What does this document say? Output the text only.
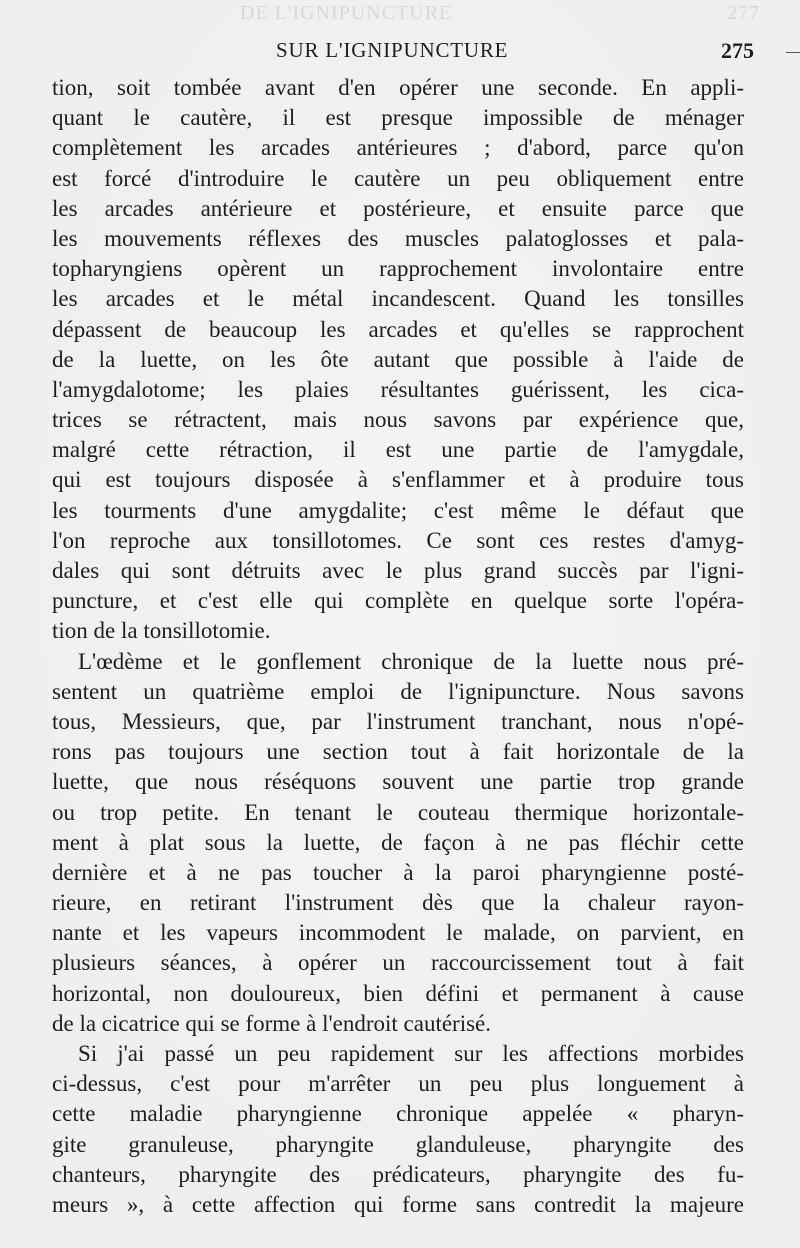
DE L'IGNIPUNCTURE	277
SUR L'IGNIPUNCTURE	275
tion, soit tombée avant d'en opérer une seconde. En appli-
quant le cautère, il est presque impossible de ménager
complètement les arcades antérieures ; d'abord, parce qu'on
est forcé d'introduire le cautère un peu obliquement entre
les arcades antérieure et postérieure, et ensuite parce que
les mouvements réflexes des muscles palatoglosses et pala-
topharyngiens opèrent un rapprochement involontaire entre
les arcades et le métal incandescent. Quand les tonsilles
dépassent de beaucoup les arcades et qu'elles se rapprochent
de la luette, on les ôte autant que possible à l'aide de
l'amygdalotome; les plaies résultantes guérissent, les cica-
trices se rétractent, mais nous savons par expérience que,
malgré cette rétraction, il est une partie de l'amygdale,
qui est toujours disposée à s'enflammer et à produire tous
les tourments d'une amygdalite; c'est même le défaut que
l'on reproche aux tonsillotomes. Ce sont ces restes d'amyg-
dales qui sont détruits avec le plus grand succès par l'igni-
puncture, et c'est elle qui complète en quelque sorte l'opéra-
tion de la tonsillotomie.
L'œdème et le gonflement chronique de la luette nous pré-
sentent un quatrième emploi de l'ignipuncture. Nous savons
tous, Messieurs, que, par l'instrument tranchant, nous n'opé-
rons pas toujours une section tout à fait horizontale de la
luette, que nous réséquons souvent une partie trop grande
ou trop petite. En tenant le couteau thermique horizontale-
ment à plat sous la luette, de façon à ne pas fléchir cette
dernière et à ne pas toucher à la paroi pharyngienne posté-
rieure, en retirant l'instrument dès que la chaleur rayon-
nante et les vapeurs incommodent le malade, on parvient, en
plusieurs séances, à opérer un raccourcissement tout à fait
horizontal, non douloureux, bien défini et permanent à cause
de la cicatrice qui se forme à l'endroit cautérisé.
Si j'ai passé un peu rapidement sur les affections morbides
ci-dessus, c'est pour m'arrêter un peu plus longuement à
cette maladie pharyngienne chronique appelée « pharyn-
gite granuleuse, pharyngite glanduleuse, pharyngite des
chanteurs, pharyngite des prédicateurs, pharyngite des fu-
meurs », à cette affection qui forme sans contredit la majeure
